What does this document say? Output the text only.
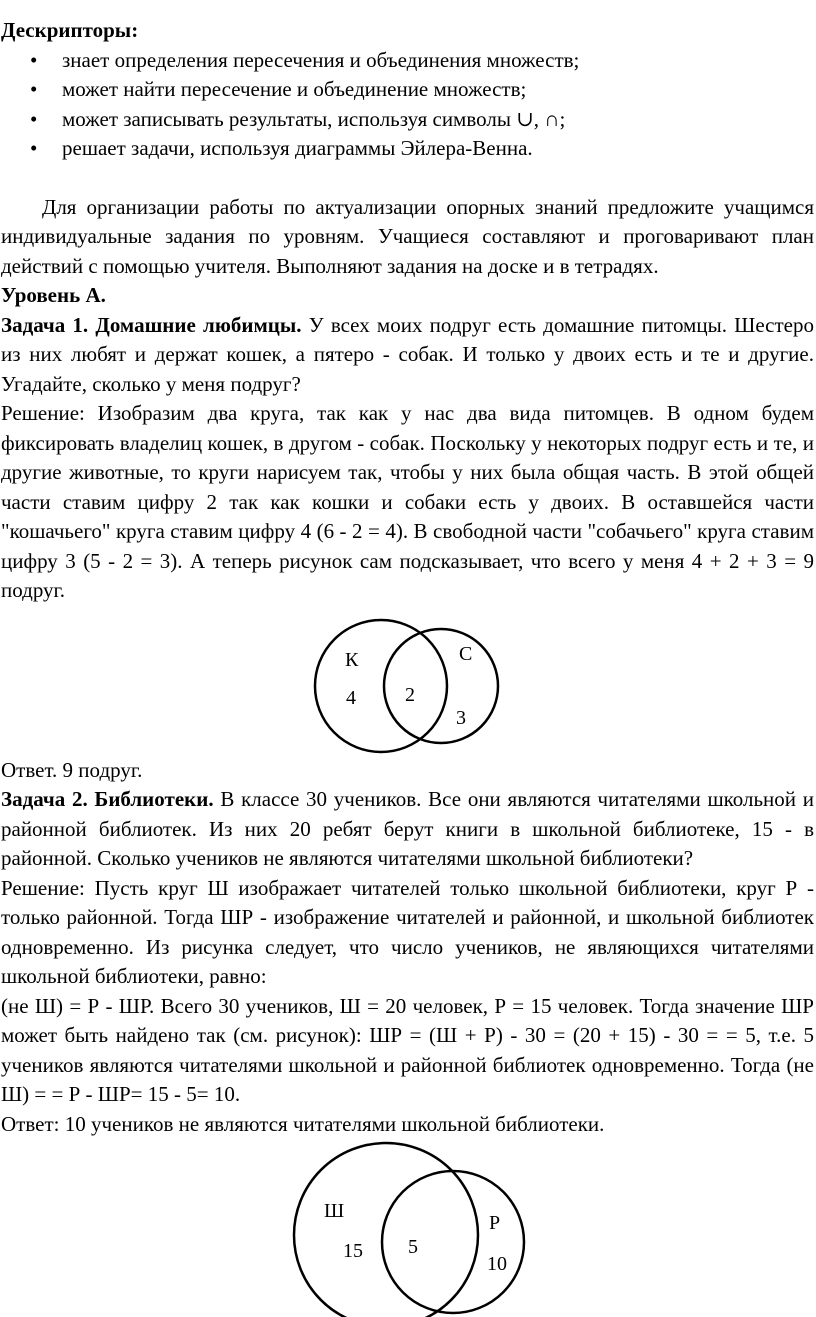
Дескрипторы:

• знает определения пересечения и объединения множеств;
• может найти пересечение и объединение множеств;
• может записывать результаты, используя символы ∪, ∩;
• решает задачи, используя диаграммы Эйлера-Венна.

Для организации работы по актуализации опорных знаний предложите учащимся индивидуальные задания по уровням. Учащиеся составляют и проговаривают план действий с помощью учителя. Выполняют задания на доске и в тетрадях.

Уровень А.

Задача 1. Домашние любимцы. У всех моих подруг есть домашние питомцы. Шестеро из них любят и держат кошек, а пятеро - собак. И только у двоих есть и те и другие. Угадайте, сколько у меня подруг?

Решение: Изобразим два круга, так как у нас два вида питомцев. В одном будем фиксировать владелиц кошек, в другом - собак. Поскольку у некоторых подруг есть и те, и другие животные, то круги нарисуем так, чтобы у них была общая часть. В этой общей части ставим цифру 2 так как кошки и собаки есть у двоих. В оставшейся части "кошачьего" круга ставим цифру 4 (6 - 2 = 4). В свободной части "собачьего" круга ставим цифру 3 (5 - 2 = 3). А теперь рисунок сам подсказывает, что всего у меня 4 + 2 + 3 = 9 подруг.

К	С
4 2
3

Ответ. 9 подруг.

Задача 2. Библиотеки. В классе 30 учеников. Все они являются читателями школьной и районной библиотек. Из них 20 ребят берут книги в школьной библиотеке, 15 - в районной. Сколько учеников не являются читателями школьной библиотеки?

Решение: Пусть круг Ш изображает читателей только школьной библиотеки, круг Р - только районной. Тогда ШР - изображение читателей и районной, и школьной библиотек одновременно. Из рисунка следует, что число учеников, не являющихся читателями школьной библиотеки, равно:

(не Ш) = Р - ШР. Всего 30 учеников, Ш = 20 человек, Р = 15 человек. Тогда значение ШР может быть найдено так (см. рисунок): ШР = (Ш + Р) - 30 = (20 + 15) - 30 = = 5, т.е. 5 учеников являются читателями школьной и районной библиотек одновременно. Тогда (не Ш) = = Р - ШР= 15 - 5= 10.

Ответ: 10 учеников не являются читателями школьной библиотеки.

Ш
Р
15 5
10
